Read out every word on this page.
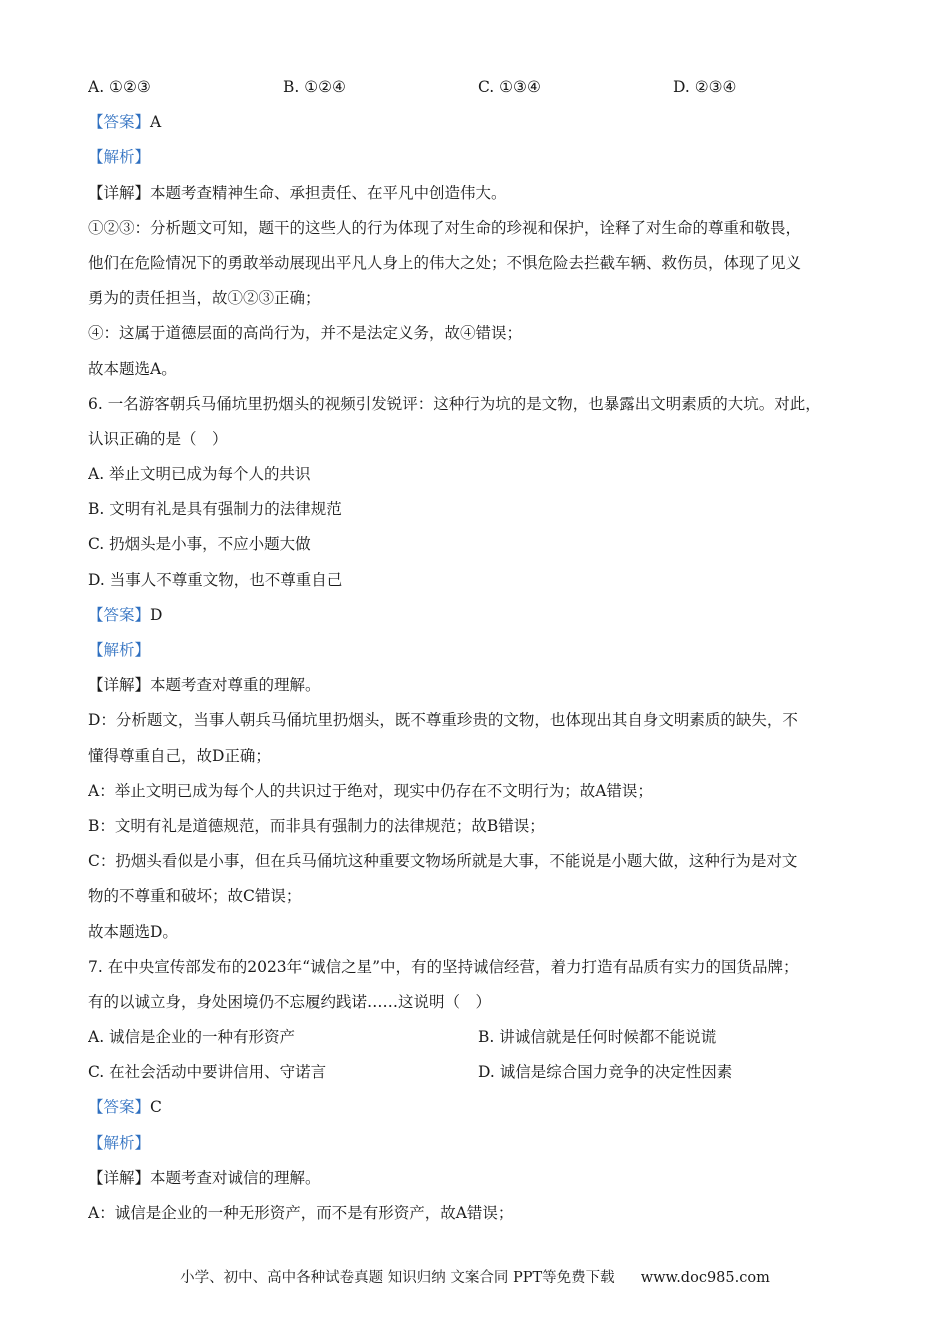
A. ①②③	B. ①②④	C. ①③④	D. ②③④
【答案】A
【解析】
【详解】本题考查精神生命、承担责任、在平凡中创造伟大。
①②③：分析题文可知，题干的这些人的行为体现了对生命的珍视和保护，诠释了对生命的尊重和敬畏，
他们在危险情况下的勇敢举动展现出平凡人身上的伟大之处；不惧危险去拦截车辆、救伤员，体现了见义
勇为的责任担当，故①②③正确；
④：这属于道德层面的高尚行为，并不是法定义务，故④错误；
故本题选A。
6. 一名游客朝兵马俑坑里扔烟头的视频引发锐评：这种行为坑的是文物，也暴露出文明素质的大坑。对此，
认识正确的是（　）
A. 举止文明已成为每个人的共识
B. 文明有礼是具有强制力的法律规范
C. 扔烟头是小事，不应小题大做
D. 当事人不尊重文物，也不尊重自己
【答案】D
【解析】
【详解】本题考查对尊重的理解。
D：分析题文，当事人朝兵马俑坑里扔烟头，既不尊重珍贵的文物，也体现出其自身文明素质的缺失，不
懂得尊重自己，故D正确；
A：举止文明已成为每个人的共识过于绝对，现实中仍存在不文明行为；故A错误；
B：文明有礼是道德规范，而非具有强制力的法律规范；故B错误；
C：扔烟头看似是小事，但在兵马俑坑这种重要文物场所就是大事，不能说是小题大做，这种行为是对文
物的不尊重和破坏；故C错误；
故本题选D。
7. 在中央宣传部发布的2023年“诚信之星”中，有的坚持诚信经营，着力打造有品质有实力的国货品牌；
有的以诚立身，身处困境仍不忘履约践诺……这说明（　）
A. 诚信是企业的一种有形资产	B. 讲诚信就是任何时候都不能说谎
C. 在社会活动中要讲信用、守诺言	D. 诚信是综合国力竞争的决定性因素
【答案】C
【解析】
【详解】本题考查对诚信的理解。
A：诚信是企业的一种无形资产，而不是有形资产，故A错误；
小学、初中、高中各种试卷真题 知识归纳 文案合同 PPT等免费下载 www.doc985.com
